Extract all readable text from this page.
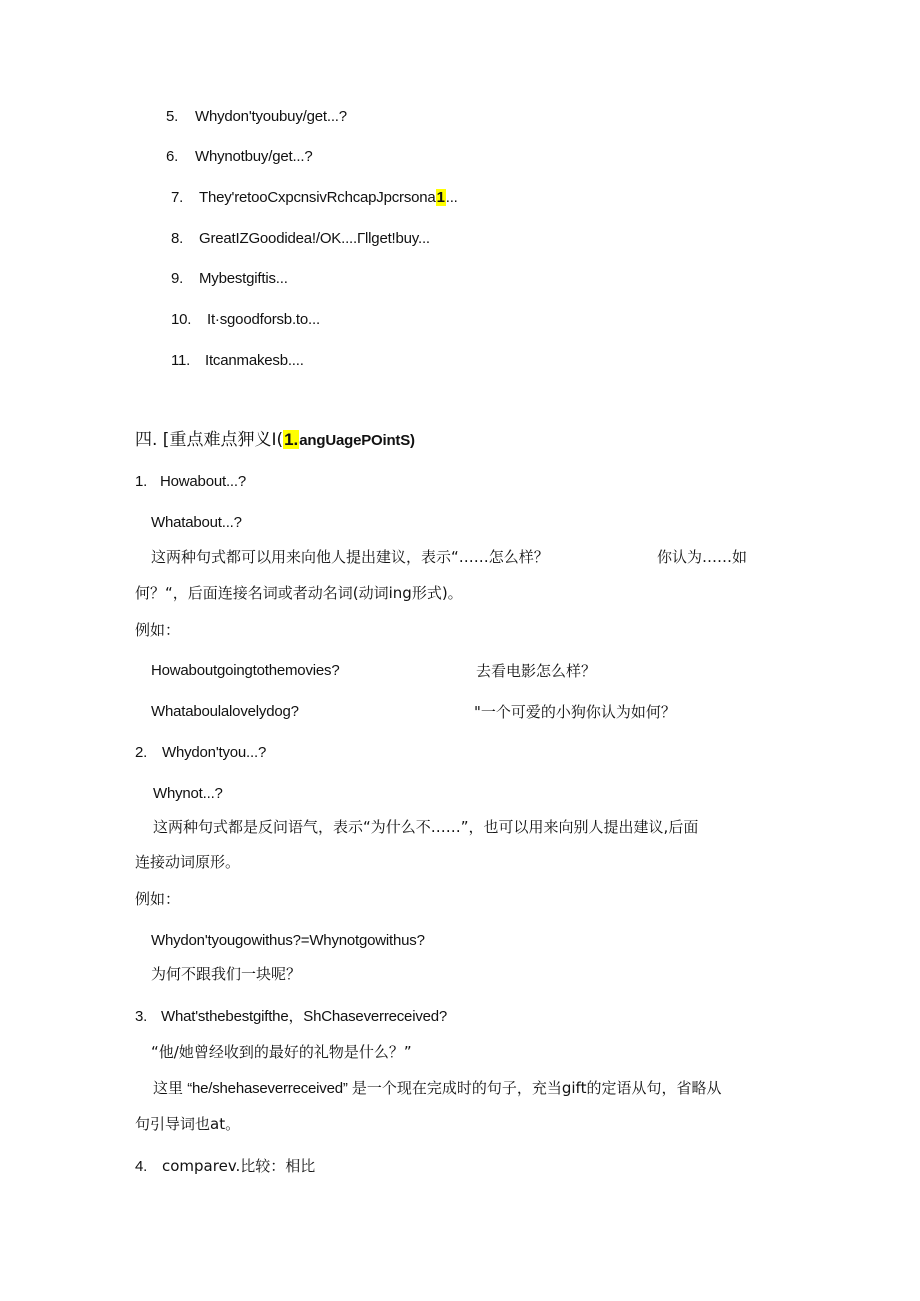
5. Whydon'tyoubuy/get...?
6. Whynotbuy/get...?
7. They'retooCxpcnsivRchcapJpcrsona1...
8. GreatIZGoodidea!/OK....Γllget!buy...
9. Mybestgiftis...
10. It·sgoodforsb.to...
11. Itcanmakesb....
四. [重点难点狎义I(1.angUagePOintS)
1. Howabout...?
Whatabout...?
这两种句式都可以用来向他人提出建议，表示“……怎么样？	你认为……如
何？“，后面连接名词或者动名词(动词ing形式)。
例如：
Howaboutgoingtothemovies?	去看电影怎么样？
Whataboulalovelydog?	"一个可爱的小狗你认为如何？
2. Whydon'tyou...?
Whynot...?
这两种句式都是反问语气，表示“为什么不……”，也可以用来向别人提出建议,后面
连接动词原形。
例如：
Whydon'tyougowithus?=Whynotgowithus?
为何不跟我们一块呢？
3. What'sthebestgifthe，ShChaseverreceived?
“他/她曾经收到的最好的礼物是什么？”
这里 “he/shehaseverreceived” 是一个现在完成时的句子，充当gift的定语从句，省略从
句引导词也at。
4. comparev.比较：相比
